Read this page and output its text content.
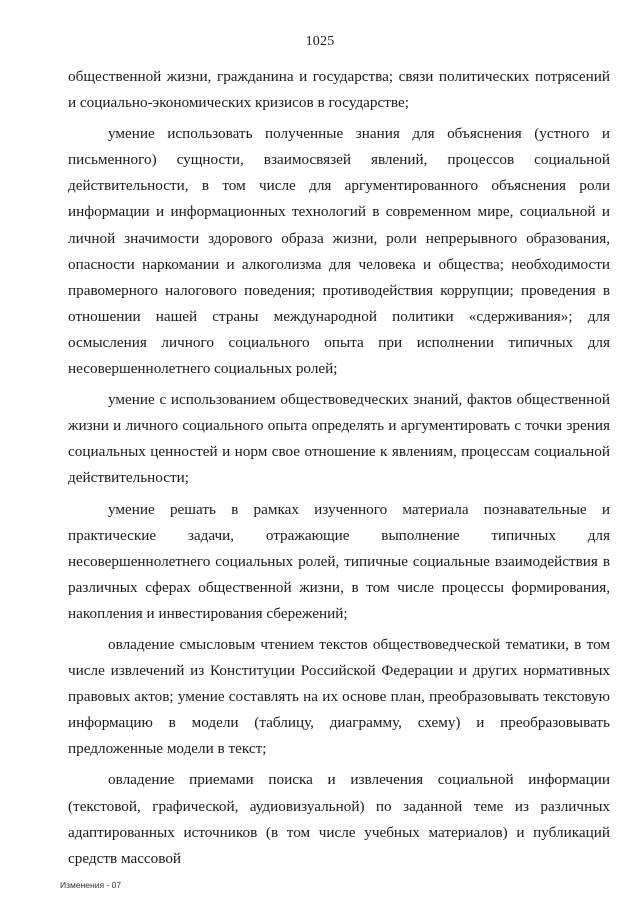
1025

общественной жизни, гражданина и государства; связи политических потрясений и социально-экономических кризисов в государстве;

умение использовать полученные знания для объяснения (устного и письменного) сущности, взаимосвязей явлений, процессов социальной действительности, в том числе для аргументированного объяснения роли информации и информационных технологий в современном мире, социальной и личной значимости здорового образа жизни, роли непрерывного образования, опасности наркомании и алкоголизма для человека и общества; необходимости правомерного налогового поведения; противодействия коррупции; проведения в отношении нашей страны международной политики «сдерживания»; для осмысления личного социального опыта при исполнении типичных для несовершеннолетнего социальных ролей;

умение с использованием обществоведческих знаний, фактов общественной жизни и личного социального опыта определять и аргументировать с точки зрения социальных ценностей и норм свое отношение к явлениям, процессам социальной действительности;

умение решать в рамках изученного материала познавательные и практические задачи, отражающие выполнение типичных для несовершеннолетнего социальных ролей, типичные социальные взаимодействия в различных сферах общественной жизни, в том числе процессы формирования, накопления и инвестирования сбережений;

овладение смысловым чтением текстов обществоведческой тематики, в том числе извлечений из Конституции Российской Федерации и других нормативных правовых актов; умение составлять на их основе план, преобразовывать текстовую информацию в модели (таблицу, диаграмму, схему) и преобразовывать предложенные модели в текст;

овладение приемами поиска и извлечения социальной информации (текстовой, графической, аудиовизуальной) по заданной теме из различных адаптированных источников (в том числе учебных материалов) и публикаций средств массовой

Изменения - 07
